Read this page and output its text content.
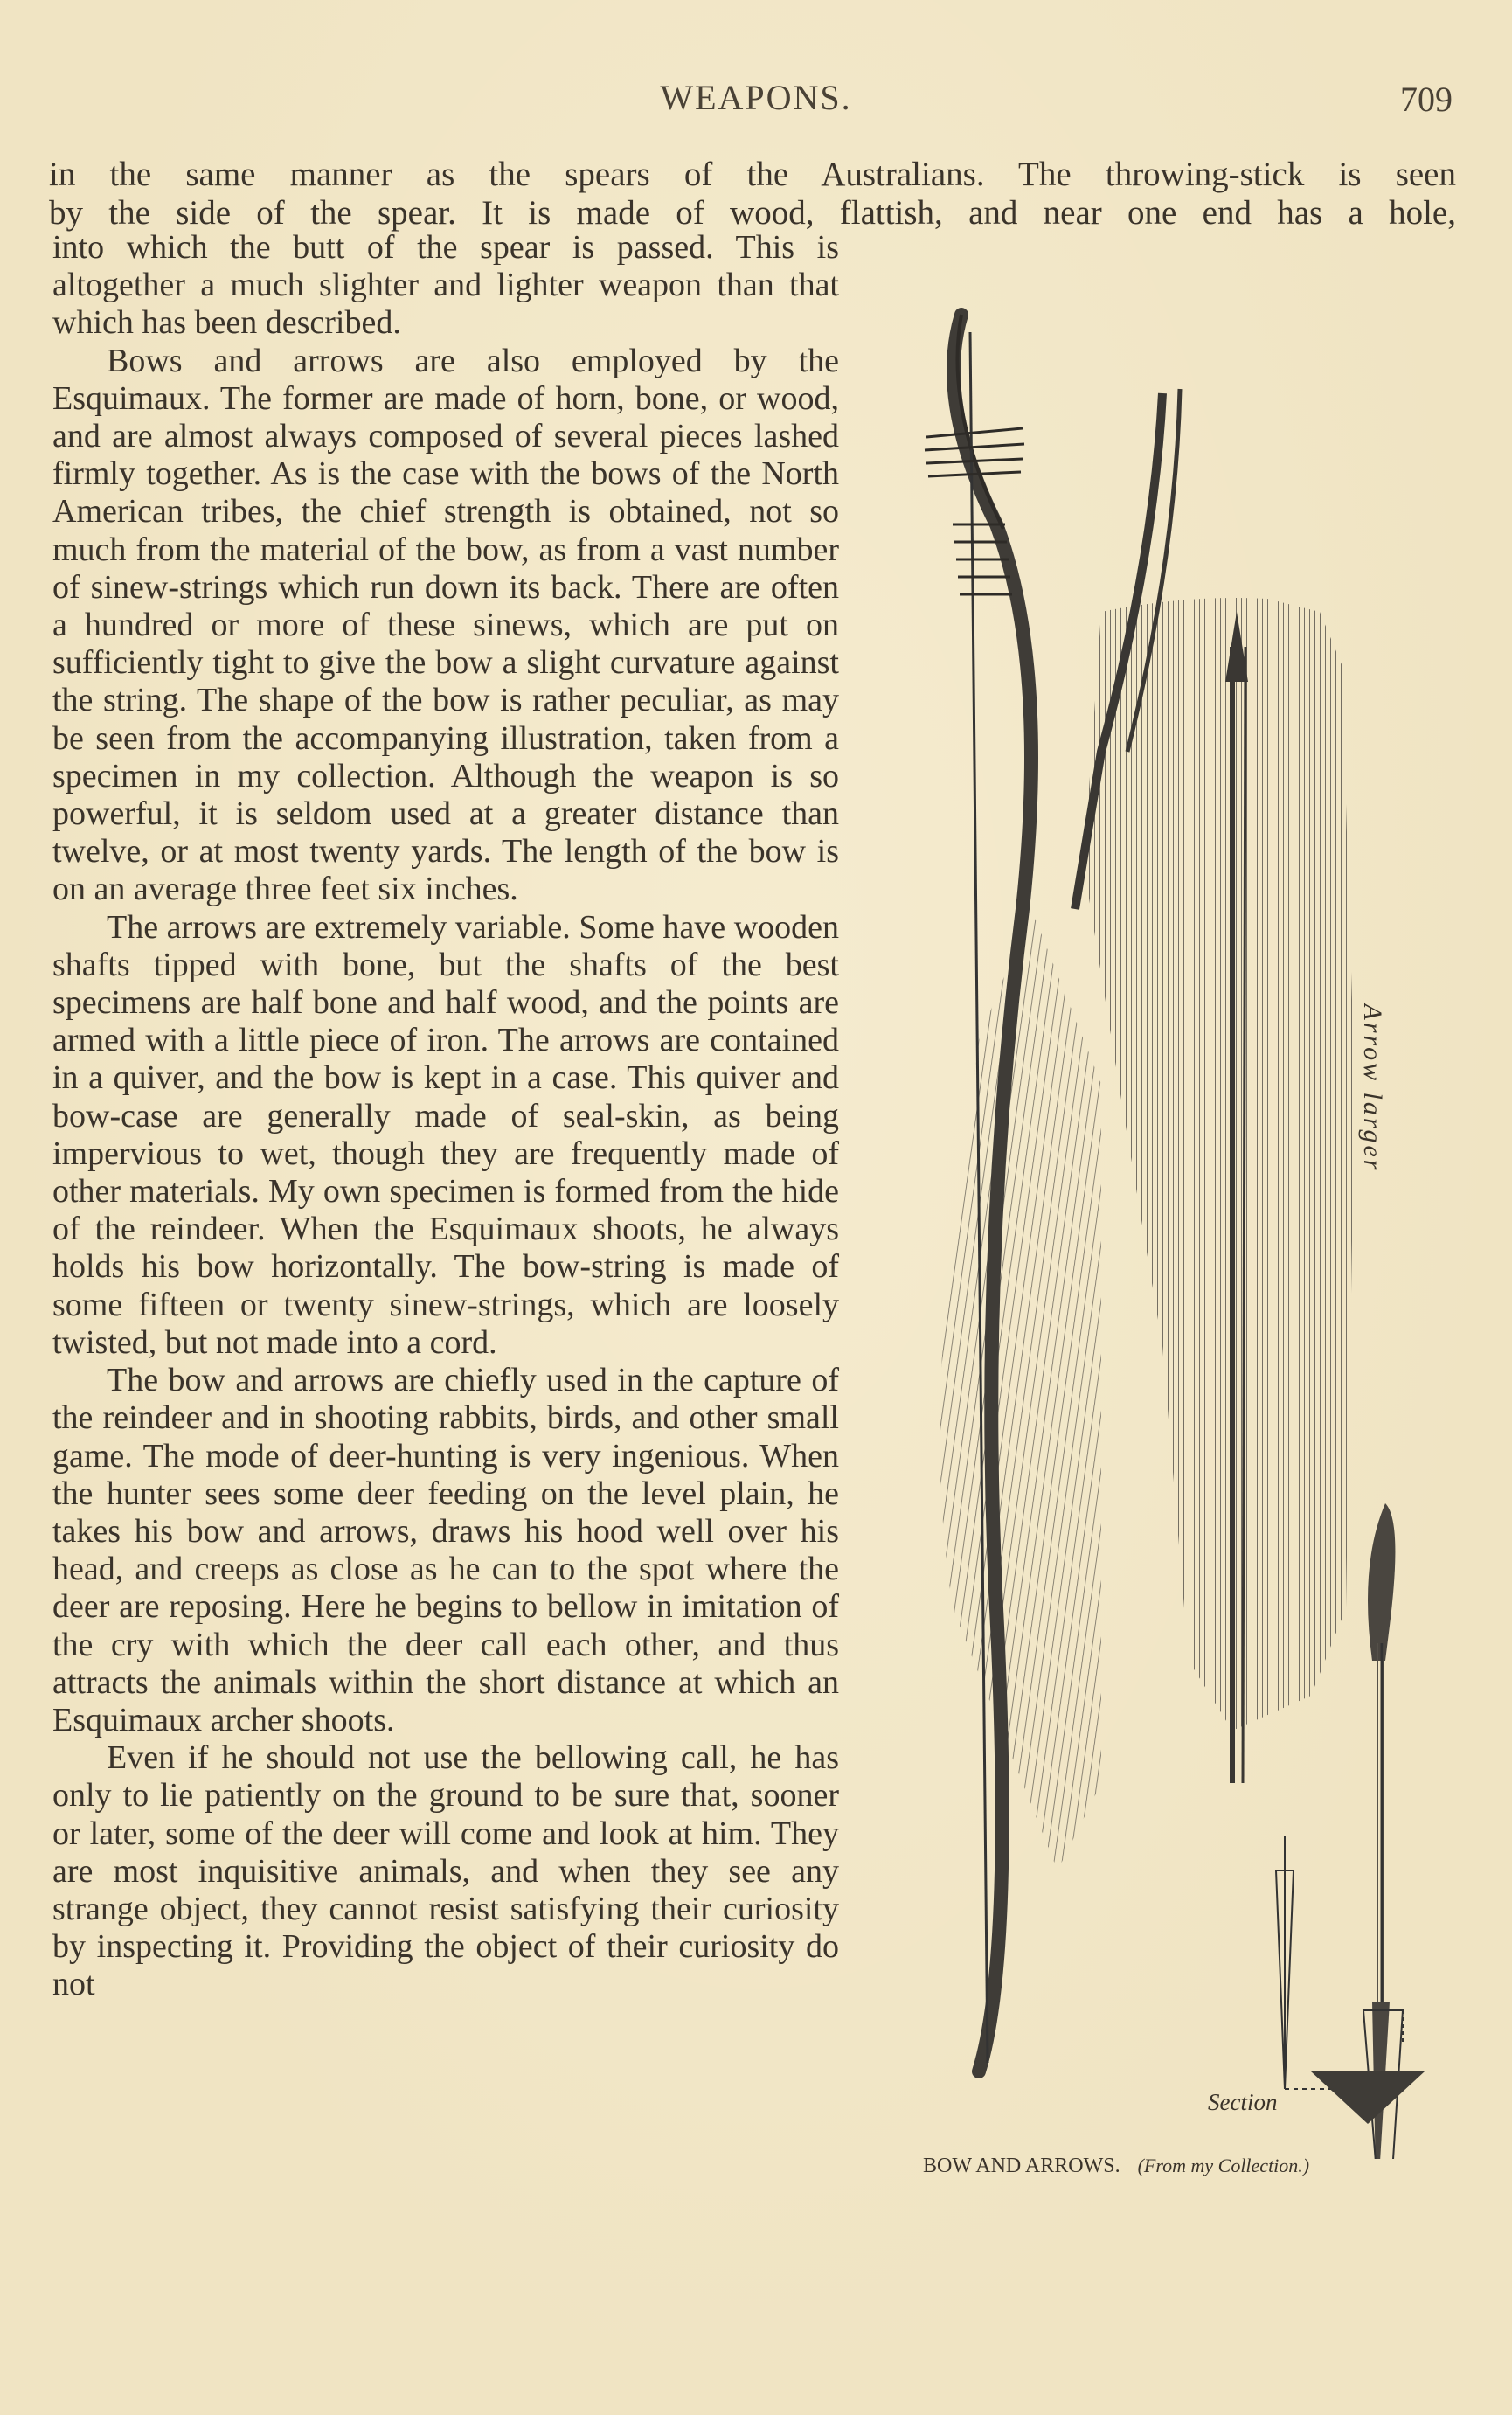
WEAPONS.	709
in the same manner as the spears of the Australians. The throwing-stick is seen
by the side of the spear. It is made of wood, flattish, and near one end has a hole,

into which the butt of the spear is passed. This is altogether a much slighter and lighter weapon than that which has been described.

Bows and arrows are also employed by the Esquimaux. The former are made of horn, bone, or wood, and are almost always composed of several pieces lashed firmly together. As is the case with the bows of the North American tribes, the chief strength is obtained, not so much from the material of the bow, as from a vast number of sinew-strings which run down its back. There are often a hundred or more of these sinews, which are put on sufficiently tight to give the bow a slight curvature against the string. The shape of the bow is rather peculiar, as may be seen from the accompanying illustration, taken from a specimen in my collection. Although the weapon is so powerful, it is seldom used at a greater distance than twelve, or at most twenty yards. The length of the bow is on an average three feet six inches.

The arrows are extremely variable. Some have wooden shafts tipped with bone, but the shafts of the best specimens are half bone and half wood, and the points are armed with a little piece of iron. The arrows are contained in a quiver, and the bow is kept in a case. This quiver and bow-case are generally made of seal-skin, as being impervious to wet, though they are frequently made of other materials. My own specimen is formed from the hide of the reindeer. When the Esquimaux shoots, he always holds his bow horizontally. The bow-string is made of some fifteen or twenty sinew-strings, which are loosely twisted, but not made into a cord.

The bow and arrows are chiefly used in the capture of the reindeer and in shooting rabbits, birds, and other small game. The mode of deer-hunting is very ingenious. When the hunter sees some deer feeding on the level plain, he takes his bow and arrows, draws his hood well over his head, and creeps as close as he can to the spot where the deer are reposing. Here he begins to bellow in imitation of the cry with which the deer call each other, and thus attracts the animals within the short distance at which an Esquimaux archer shoots.

Even if he should not use the bellowing call, he has only to lie patiently on the ground to be sure that, sooner or later, some of the deer will come and look at him. They are most inquisitive animals, and when they see any strange object, they cannot resist satisfying their curiosity by inspecting it. Providing the object of their curiosity do not

Arrow larger
Section
BOW AND ARROWS. (From my Collection.)
